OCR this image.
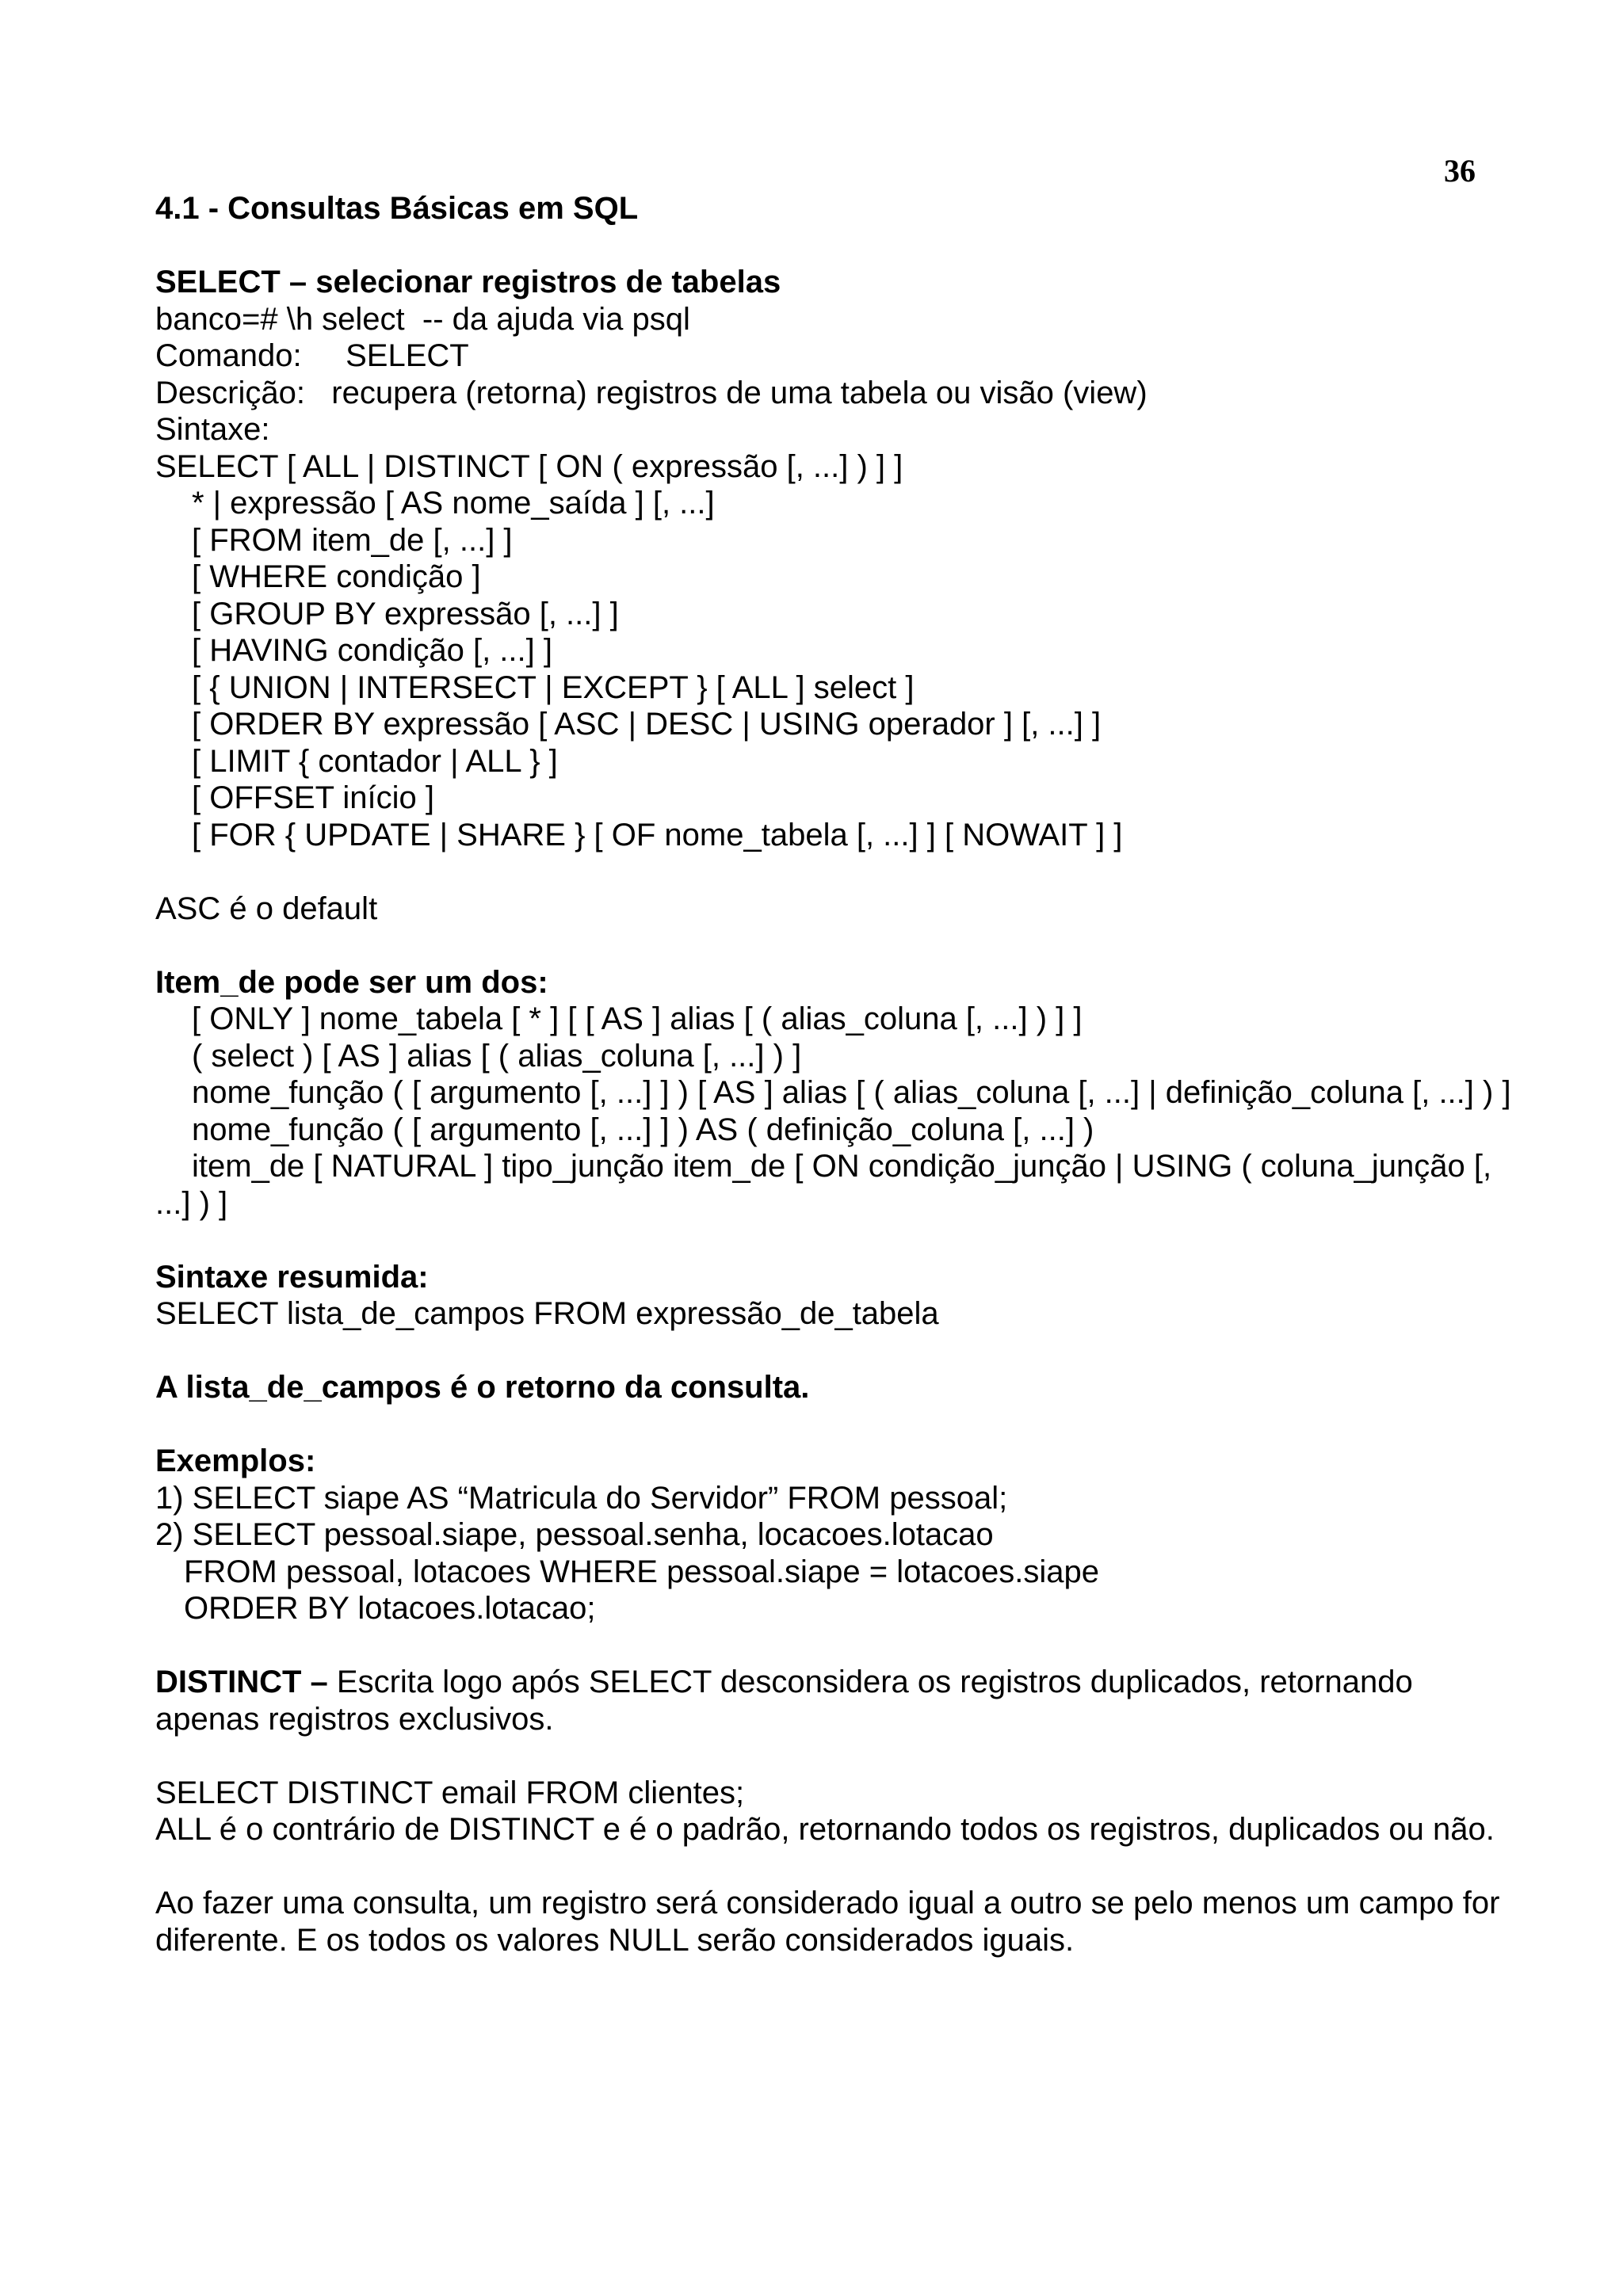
36
4.1 - Consultas Básicas em SQL
SELECT – selecionar registros de tabelas
banco=# \h select  -- da ajuda via psql
Comando:     SELECT
Descrição:   recupera (retorna) registros de uma tabela ou visão (view)
Sintaxe:
SELECT [ ALL | DISTINCT [ ON ( expressão [, ...] ) ] ]
* | expressão [ AS nome_saída ] [, ...]
[ FROM item_de [, ...] ]
[ WHERE condição ]
[ GROUP BY expressão [, ...] ]
[ HAVING condição [, ...] ]
[ { UNION | INTERSECT | EXCEPT } [ ALL ] select ]
[ ORDER BY expressão [ ASC | DESC | USING operador ] [, ...] ]
[ LIMIT { contador | ALL } ]
[ OFFSET início ]
[ FOR { UPDATE | SHARE } [ OF nome_tabela [, ...] ] [ NOWAIT ] ]
ASC é o default
Item_de pode ser um dos:
[ ONLY ] nome_tabela [ * ] [ [ AS ] alias [ ( alias_coluna [, ...] ) ] ]
( select ) [ AS ] alias [ ( alias_coluna [, ...] ) ]
nome_função ( [ argumento [, ...] ] ) [ AS ] alias [ ( alias_coluna [, ...] | definição_coluna [, ...] ) ]
nome_função ( [ argumento [, ...] ] ) AS ( definição_coluna [, ...] )
item_de [ NATURAL ] tipo_junção item_de [ ON condição_junção | USING ( coluna_junção [, ...] ) ]
Sintaxe resumida:
SELECT lista_de_campos FROM expressão_de_tabela
A lista_de_campos é o retorno da consulta.
Exemplos:
1) SELECT siape AS “Matricula do Servidor” FROM pessoal;
2) SELECT pessoal.siape, pessoal.senha, locacoes.lotacao
FROM pessoal, lotacoes WHERE pessoal.siape = lotacoes.siape
ORDER BY lotacoes.lotacao;
DISTINCT – Escrita logo após SELECT desconsidera os registros duplicados, retornando apenas registros exclusivos.
SELECT DISTINCT email FROM clientes;
ALL é o contrário de DISTINCT e é o padrão, retornando todos os registros, duplicados ou não.
Ao fazer uma consulta, um registro será considerado igual a outro se pelo menos um campo for diferente. E os todos os valores NULL serão considerados iguais.
